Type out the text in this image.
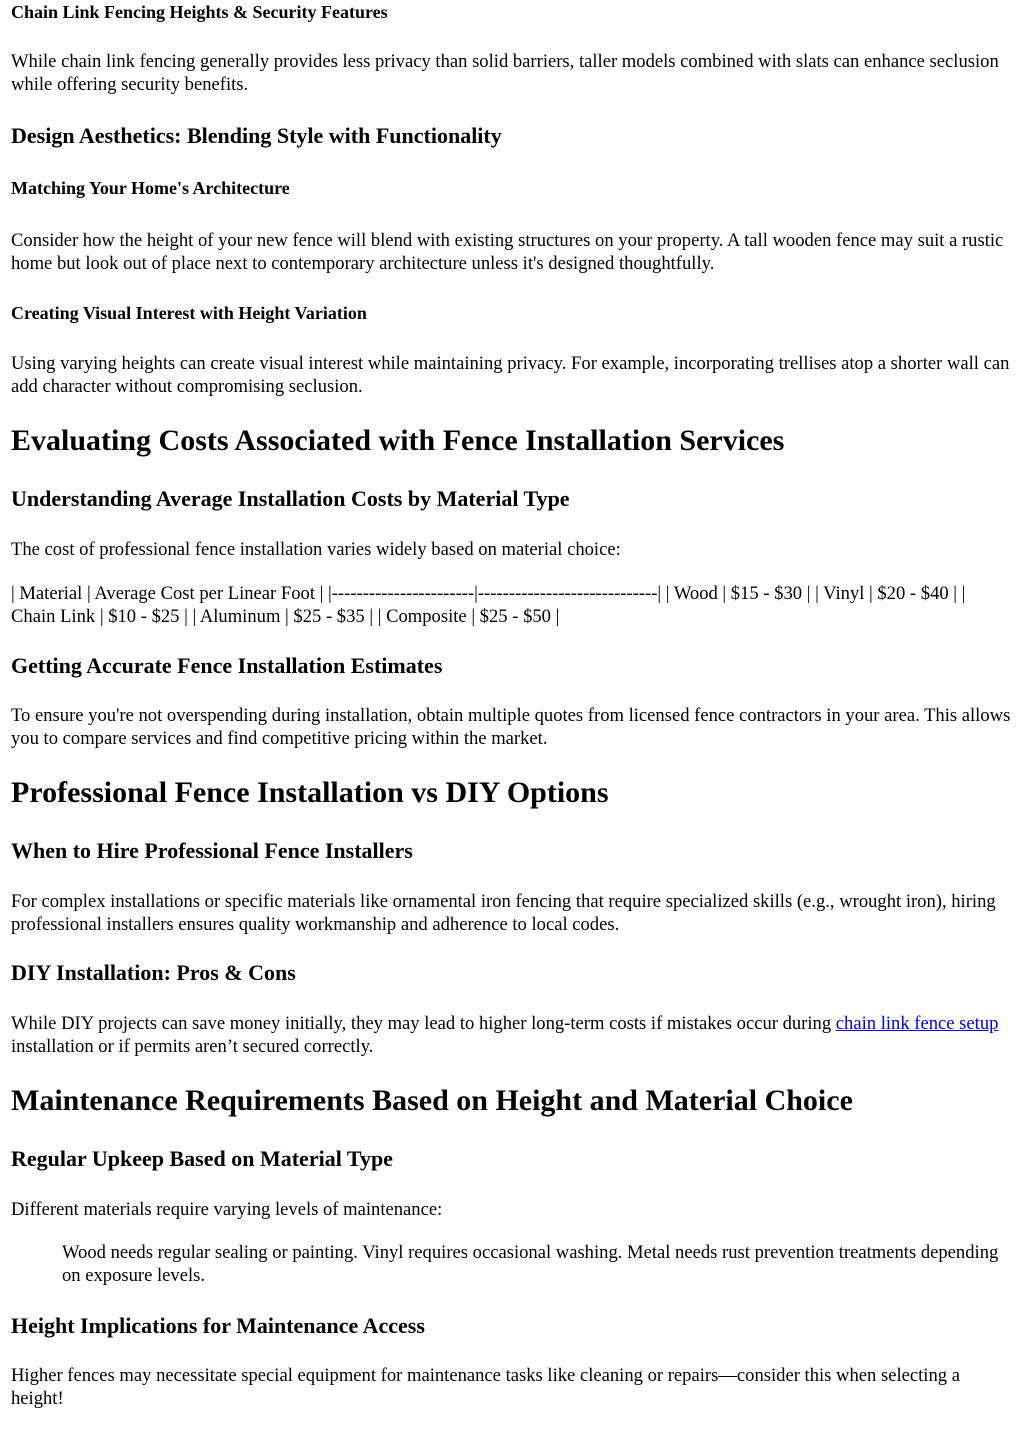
Chain Link Fencing Heights & Security Features

While chain link fencing generally provides less privacy than solid barriers, taller models combined with slats can enhance seclusion while offering security benefits.

Design Aesthetics: Blending Style with Functionality
Matching Your Home's Architecture

Consider how the height of your new fence will blend with existing structures on your property. A tall wooden fence may suit a rustic home but look out of place next to contemporary architecture unless it's designed thoughtfully.

Creating Visual Interest with Height Variation

Using varying heights can create visual interest while maintaining privacy. For example, incorporating trellises atop a shorter wall can add character without compromising seclusion.

Evaluating Costs Associated with Fence Installation Services
Understanding Average Installation Costs by Material Type

The cost of professional fence installation varies widely based on material choice:

| Material | Average Cost per Linear Foot | |-----------------------|-----------------------------| | Wood | $15 - $30 | | Vinyl | $20 - $40 | | Chain Link | $10 - $25 | | Aluminum | $25 - $35 | | Composite | $25 - $50 |

Getting Accurate Fence Installation Estimates

To ensure you're not overspending during installation, obtain multiple quotes from licensed fence contractors in your area. This allows you to compare services and find competitive pricing within the market.

Professional Fence Installation vs DIY Options
When to Hire Professional Fence Installers

For complex installations or specific materials like ornamental iron fencing that require specialized skills (e.g., wrought iron), hiring professional installers ensures quality workmanship and adherence to local codes.

DIY Installation: Pros & Cons

While DIY projects can save money initially, they may lead to higher long-term costs if mistakes occur during chain link fence setup installation or if permits aren’t secured correctly.

Maintenance Requirements Based on Height and Material Choice
Regular Upkeep Based on Material Type

Different materials require varying levels of maintenance:

Wood needs regular sealing or painting. Vinyl requires occasional washing. Metal needs rust prevention treatments depending on exposure levels.
Height Implications for Maintenance Access

Higher fences may necessitate special equipment for maintenance tasks like cleaning or repairs—consider this when selecting a height!
